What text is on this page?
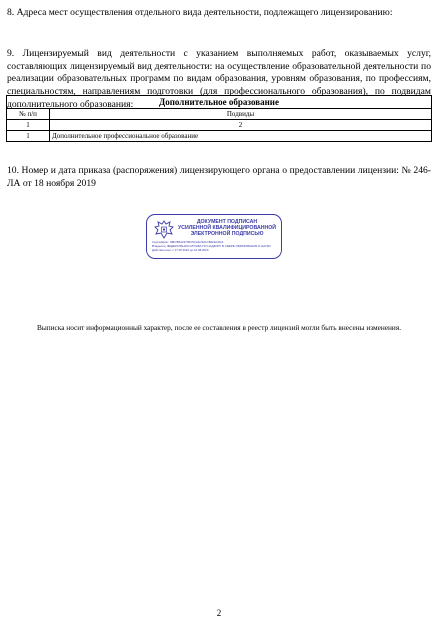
8. Адреса мест осуществления отдельного вида деятельности, подлежащего лицензированию:
9. Лицензируемый вид деятельности с указанием выполняемых работ, оказываемых услуг, составляющих лицензируемый вид деятельности: на осуществление образовательной деятельности по реализации образовательных программ по видам образования, уровням образования, по профессиям, специальностям, направлениям подготовки (для профессионального образования), по подвидам дополнительного образования:	Дополнительное образование	
№ п/п	Подвиды
1	2
1	Дополнительное профессиональное образование
10. Номер и дата приказа (распоряжения) лицензирующего органа о предоставлении лицензии: № 246-ЛА от 18 ноября 2019
ДОКУМЕНТ ПОДПИСАН
УСИЛЕННОЙ КВАЛИФИЦИРОВАННОЙ
ЭЛЕКТРОННОЙ ПОДПИСЬЮ
Сертификат: 0BF2B9123700C5CA4C9A1CB2FEC9C4
Владелец: ФЕДЕРАЛЬНАЯ СЛУЖБА ПО НАДЗОРУ В СФЕРЕ ОБРАЗОВАНИЯ И НАУКИ
Действителен: с 17.05.2022 до 10.08.2023
Выписка носит информационный характер, после ее составления в реестр лицензий могли быть внесены изменения.
2
